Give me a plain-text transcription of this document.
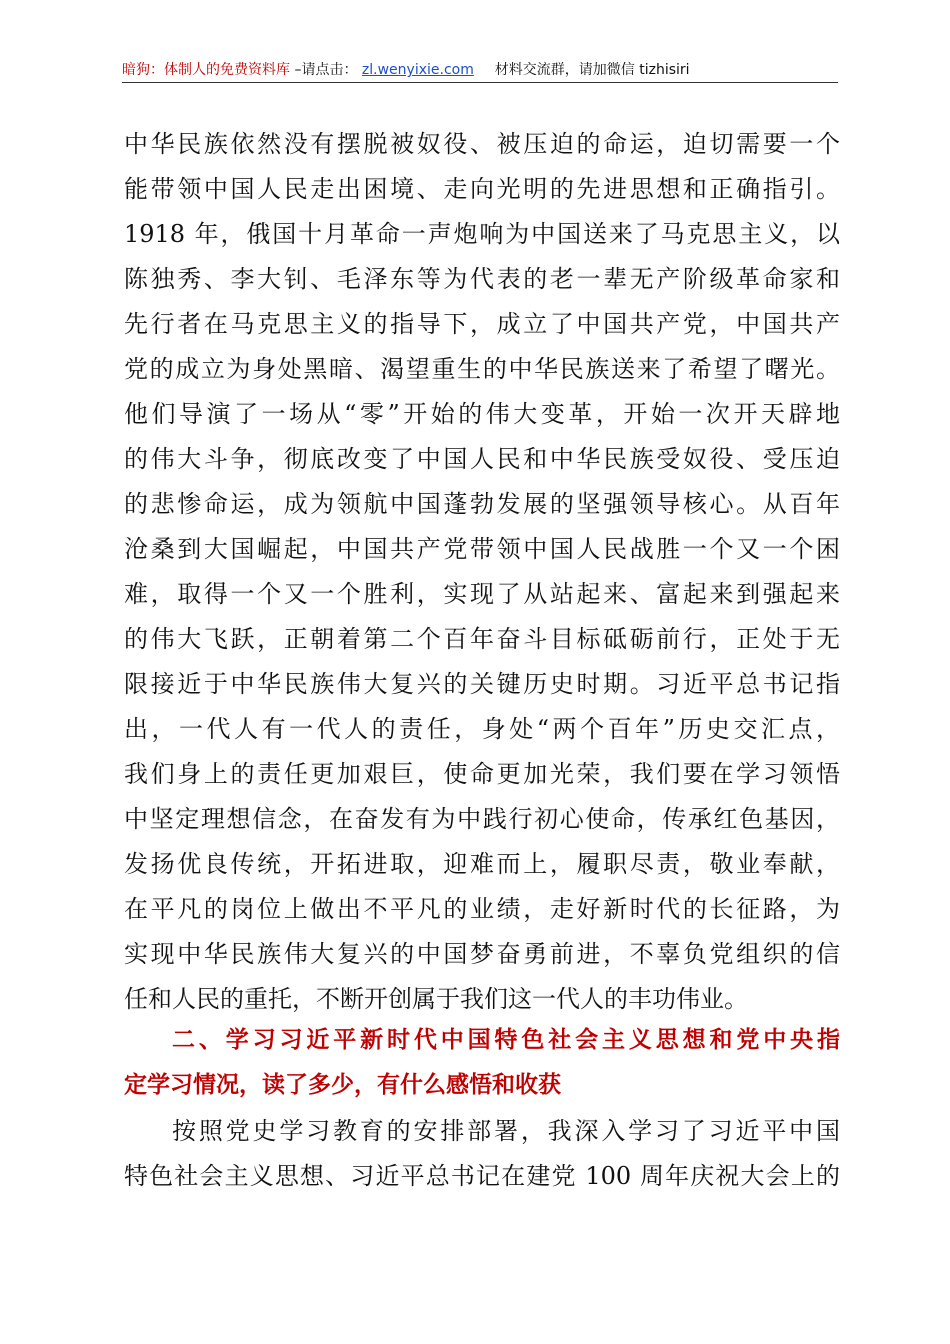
暗狗：体制人的免费资料库 –请点击： zl.wenyixie.com 材料交流群，请加微信 tizhisiri
中华民族依然没有摆脱被奴役、被压迫的命运，迫切需要一个
能带领中国人民走出困境、走向光明的先进思想和正确指引。
1918 年，俄国十月革命一声炮响为中国送来了马克思主义，以
陈独秀、李大钊、毛泽东等为代表的老一辈无产阶级革命家和
先行者在马克思主义的指导下，成立了中国共产党，中国共产
党的成立为身处黑暗、渴望重生的中华民族送来了希望了曙光。
他们导演了一场从“零”开始的伟大变革，开始一次开天辟地
的伟大斗争，彻底改变了中国人民和中华民族受奴役、受压迫
的悲惨命运，成为领航中国蓬勃发展的坚强领导核心。从百年
沧桑到大国崛起，中国共产党带领中国人民战胜一个又一个困
难，取得一个又一个胜利，实现了从站起来、富起来到强起来
的伟大飞跃，正朝着第二个百年奋斗目标砥砺前行，正处于无
限接近于中华民族伟大复兴的关键历史时期。习近平总书记指
出，一代人有一代人的责任，身处“两个百年”历史交汇点，
我们身上的责任更加艰巨，使命更加光荣，我们要在学习领悟
中坚定理想信念，在奋发有为中践行初心使命，传承红色基因，
发扬优良传统，开拓进取，迎难而上，履职尽责，敬业奉献，
在平凡的岗位上做出不平凡的业绩，走好新时代的长征路，为
实现中华民族伟大复兴的中国梦奋勇前进，不辜负党组织的信
任和人民的重托，不断开创属于我们这一代人的丰功伟业。
二、学习习近平新时代中国特色社会主义思想和党中央指
定学习情况，读了多少，有什么感悟和收获
按照党史学习教育的安排部署，我深入学习了习近平中国
特色社会主义思想、习近平总书记在建党 100 周年庆祝大会上的
